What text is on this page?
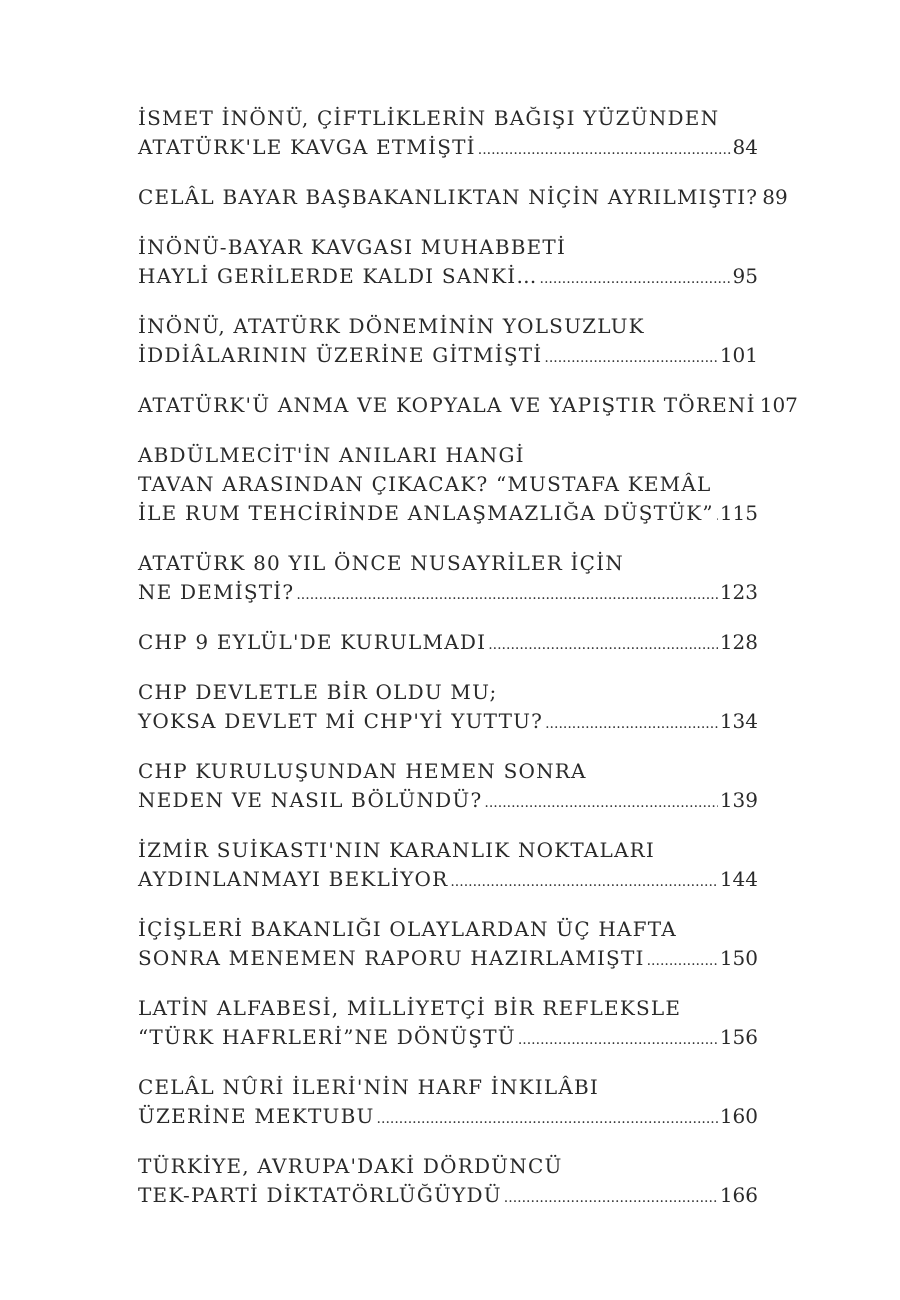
İSMET İNÖNÜ, ÇİFTLİKLERİN BAĞIŞI YÜZÜNDEN
ATATÜRK'LE KAVGA ETMİŞTİ .....	84
CELÂL BAYAR BAŞBAKANLIKTAN NİÇİN AYRILMIŞTI? 89
İNÖNÜ-BAYAR KAVGASI MUHABBETİ
HAYLİ GERİLERDE KALDI SANKİ… .....	95
İNÖNÜ, ATATÜRK DÖNEMİNİN YOLSUZLUK
İDDİÂLARININ ÜZERİNE GİTMİŞTİ .....	101
ATATÜRK'Ü ANMA VE KOPYALA VE YAPIŞTIR TÖRENİ 107
ABDÜLMECİT'İN ANILARI HANGİ
TAVAN ARASINDAN ÇIKACAK? “MUSTAFA KEMÂL
İLE RUM TEHCİRİNDE ANLAŞMAZLIĞA DÜŞTÜK” ..... 115
ATATÜRK 80 YIL ÖNCE NUSAYRİLER İÇİN
NE DEMİŞTİ? .....	123
CHP 9 EYLÜL'DE KURULMADI .....	128
CHP DEVLETLE BİR OLDU MU;
YOKSA DEVLET Mİ CHP'Yİ YUTTU? .....	134
CHP KURULUŞUNDAN HEMEN SONRA
NEDEN VE NASIL BÖLÜNDÜ? .....	139
İZMİR SUİKASTI'NIN KARANLIK NOKTALARI
AYDINLANMAYI BEKLİYOR .....	144
İÇİŞLERİ BAKANLIĞI OLAYLARDAN ÜÇ HAFTA
SONRA MENEMEN RAPORU HAZIRLAMIŞTI .....	150
LATİN ALFABESİ, MİLLİYETÇİ BİR REFLEKSLE
“TÜRK HAFRLERİ”NE DÖNÜŞTÜ .....	156
CELÂL NÛRİ İLERİ'NİN HARF İNKILÂBI
ÜZERİNE MEKTUBU .....	160
TÜRKİYE, AVRUPA'DAKİ DÖRDÜNCÜ
TEK-PARTİ DİKTATÖRLÜĞÜYDÜ .....	166
